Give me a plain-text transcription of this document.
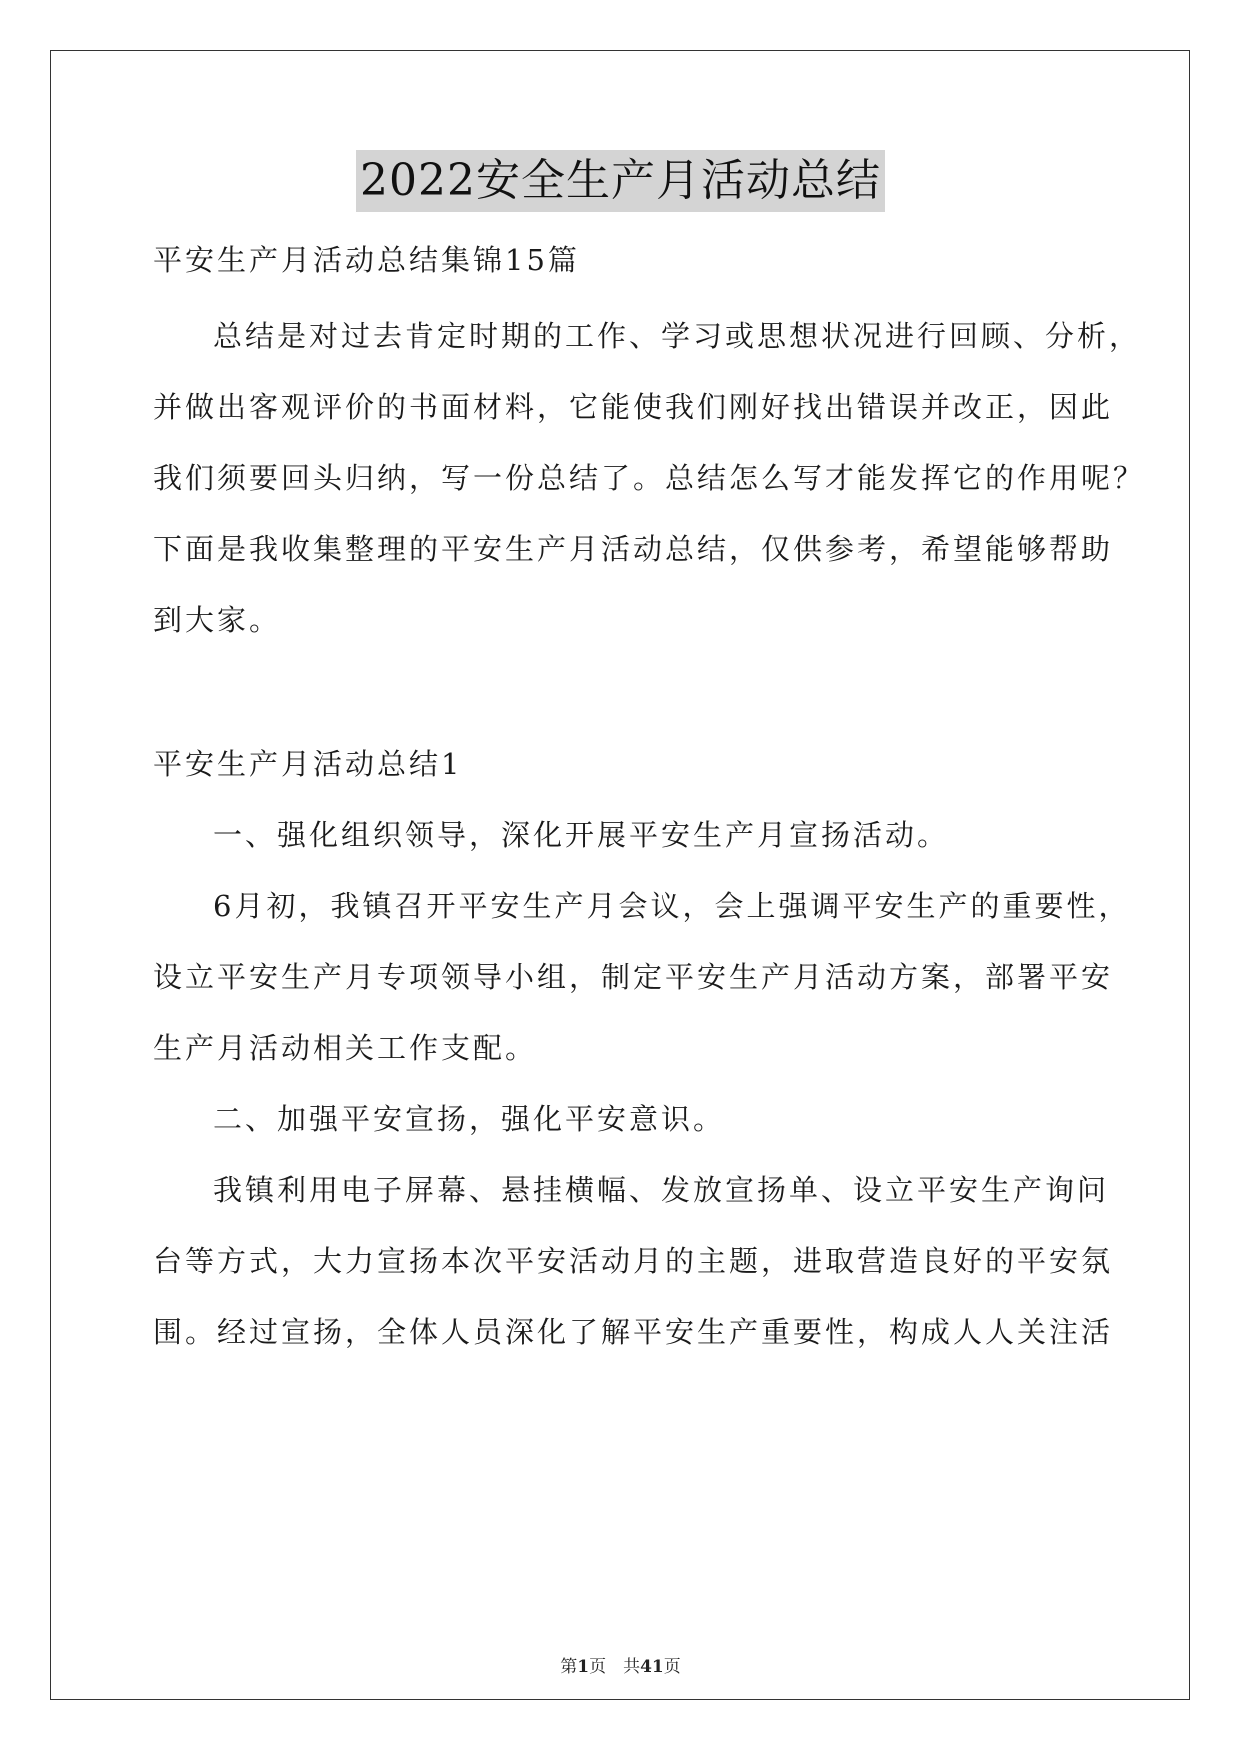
2022安全生产月活动总结
平安生产月活动总结集锦15篇
总结是对过去肯定时期的工作、学习或思想状况进行回顾、分析，
并做出客观评价的书面材料，它能使我们刚好找出错误并改正，因此
我们须要回头归纳，写一份总结了。总结怎么写才能发挥它的作用呢？
下面是我收集整理的平安生产月活动总结，仅供参考，希望能够帮助
到大家。
平安生产月活动总结1
一、强化组织领导，深化开展平安生产月宣扬活动。
6月初，我镇召开平安生产月会议，会上强调平安生产的重要性，
设立平安生产月专项领导小组，制定平安生产月活动方案，部署平安
生产月活动相关工作支配。
二、加强平安宣扬，强化平安意识。
我镇利用电子屏幕、悬挂横幅、发放宣扬单、设立平安生产询问
台等方式，大力宣扬本次平安活动月的主题，进取营造良好的平安氛
围。经过宣扬，全体人员深化了解平安生产重要性，构成人人关注活
第1页　共41页
